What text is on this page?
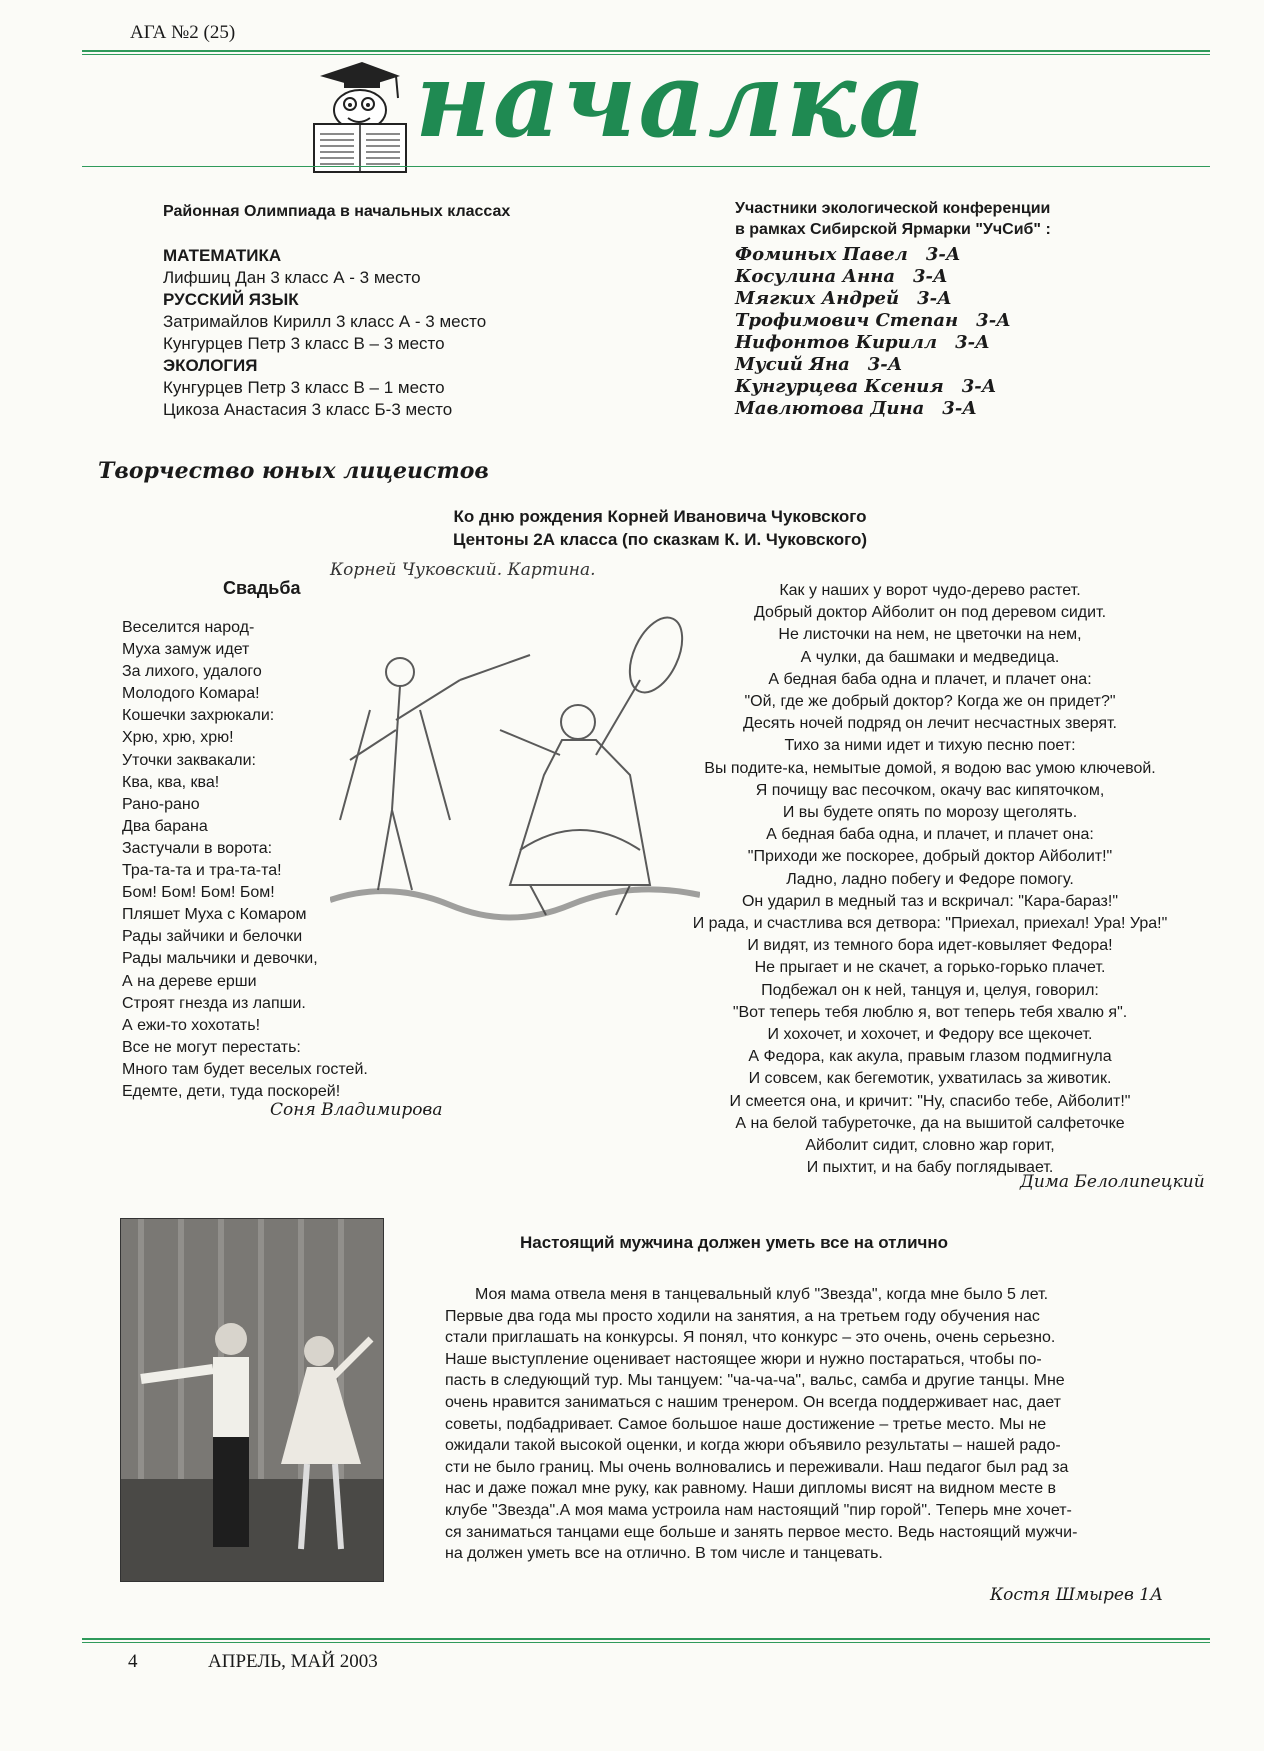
АГА №2 (25)
началка
Районная Олимпиада в начальных классах
МАТЕМАТИКА
Лифшиц Дан 3 класс А - 3 место
РУССКИЙ ЯЗЫК
Затримайлов Кирилл 3 класс А - 3 место
Кунгурцев Петр 3 класс В – 3 место
ЭКОЛОГИЯ
Кунгурцев Петр 3 класс В – 1 место
Цикоза Анастасия 3 класс Б-3 место
Участники экологической конференции
в рамках Сибирской Ярмарки "УчСиб" :
Фоминых Павел 3-А
Косулина Анна 3-А
Мягких Андрей 3-А
Трофимович Степан 3-А
Нифонтов Кирилл 3-А
Мусий Яна 3-А
Кунгурцева Ксения 3-А
Мавлютова Дина 3-А
Творчество юных лицеистов
Ко дню рождения Корней Ивановича Чуковского
Центоны 2А класса (по сказкам К. И. Чуковского)
Корней Чуковский. Картина.
Свадьба
Веселится народ-
Муха замуж идет
За лихого, удалого
Молодого Комара!
Кошечки захрюкали:
Хрю, хрю, хрю!
Уточки заквакали:
Ква, ква, ква!
Рано-рано
Два барана
Застучали в ворота:
Тра-та-та и тра-та-та!
Бом! Бом! Бом! Бом!
Пляшет Муха с Комаром
Рады зайчики и белочки
Рады мальчики и девочки,
А на дереве ерши
Строят гнезда из лапши.
А ежи-то хохотать!
Все не могут перестать:
Много там будет веселых гостей.
Едемте, дети, туда поскорей!
Соня Владимирова
Как у наших у ворот чудо-дерево растет.
Добрый доктор Айболит он под деревом сидит.
Не листочки на нем, не цветочки на нем,
А чулки, да башмаки и медведица.
А бедная баба одна и плачет, и плачет она:
"Ой, где же добрый доктор? Когда же он придет?"
Десять ночей подряд он лечит несчастных зверят.
Тихо за ними идет и тихую песню поет:
Вы подите-ка, немытые домой, я водою вас умою ключевой.
Я почищу вас песочком, окачу вас кипяточком,
И вы будете опять по морозу щеголять.
А бедная баба одна, и плачет, и плачет она:
"Приходи же поскорее, добрый доктор Айболит!"
Ладно, ладно побегу и Федоре помогу.
Он ударил в медный таз и вскричал: "Кара-бараз!"
И рада, и счастлива вся детвора: "Приехал, приехал! Ура! Ура!"
И видят, из темного бора идет-ковыляет Федора!
Не прыгает и не скачет, а горько-горько плачет.
Подбежал он к ней, танцуя и, целуя, говорил:
"Вот теперь тебя люблю я, вот теперь тебя хвалю я".
И хохочет, и хохочет, и Федору все щекочет.
А Федора, как акула, правым глазом подмигнула
И совсем, как бегемотик, ухватилась за животик.
И смеется она, и кричит: "Ну, спасибо тебе, Айболит!"
А на белой табуреточке, да на вышитой салфеточке
Айболит сидит, словно жар горит,
И пыхтит, и на бабу поглядывает.
Дима Белолипецкий
Настоящий мужчина должен уметь все на отлично
Моя мама отвела меня в танцевальный клуб "Звезда", когда мне было 5 лет.
Первые два года мы просто ходили на занятия, а на третьем году обучения нас
стали приглашать на конкурсы. Я понял, что конкурс – это очень, очень серьезно.
Наше выступление оценивает настоящее жюри и нужно постараться, чтобы по-
пасть в следующий тур. Мы танцуем: "ча-ча-ча", вальс, самба и другие танцы. Мне
очень нравится заниматься с нашим тренером. Он всегда поддерживает нас, дает
советы, подбадривает. Самое большое наше достижение – третье место. Мы не
ожидали такой высокой оценки, и когда жюри объявило результаты – нашей радо-
сти не было границ. Мы очень волновались и переживали. Наш педагог был рад за
нас и даже пожал мне руку, как равному. Наши дипломы висят на видном месте в
клубе "Звезда".А моя мама устроила нам настоящий "пир горой". Теперь мне хочет-
ся заниматься танцами еще больше и занять первое место. Ведь настоящий мужчи-
на должен уметь все на отлично. В том числе и танцевать.
Костя Шмырев 1А
4	АПРЕЛЬ, МАЙ 2003
